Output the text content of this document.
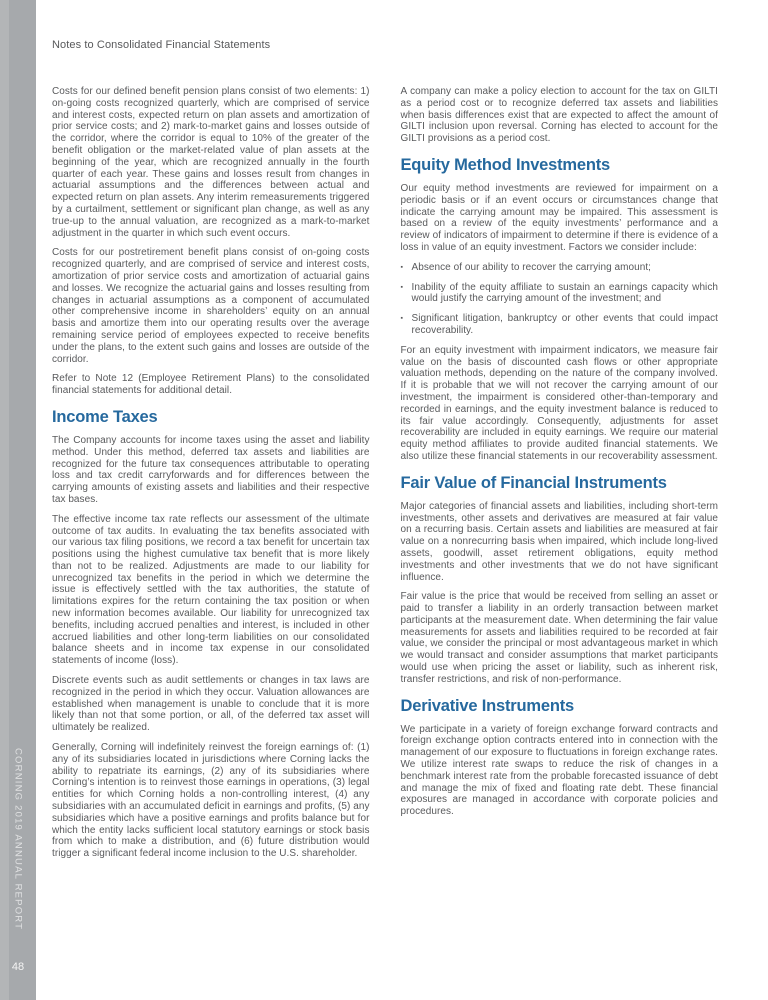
CORNING 2019 ANNUAL REPORT
48
Notes to Consolidated Financial Statements

Costs for our defined benefit pension plans consist of two elements: 1) on-going costs recognized quarterly, which are comprised of service and interest costs, expected return on plan assets and amortization of prior service costs; and 2) mark-to-market gains and losses outside of the corridor, where the corridor is equal to 10% of the greater of the benefit obligation or the market-related value of plan assets at the beginning of the year, which are recognized annually in the fourth quarter of each year. These gains and losses result from changes in actuarial assumptions and the differences between actual and expected return on plan assets. Any interim remeasurements triggered by a curtailment, settlement or significant plan change, as well as any true-up to the annual valuation, are recognized as a mark-to-market adjustment in the quarter in which such event occurs.

Costs for our postretirement benefit plans consist of on-going costs recognized quarterly, and are comprised of service and interest costs, amortization of prior service costs and amortization of actuarial gains and losses. We recognize the actuarial gains and losses resulting from changes in actuarial assumptions as a component of accumulated other comprehensive income in shareholders’ equity on an annual basis and amortize them into our operating results over the average remaining service period of employees expected to receive benefits under the plans, to the extent such gains and losses are outside of the corridor.

Refer to Note 12 (Employee Retirement Plans) to the consolidated financial statements for additional detail.

Income Taxes

The Company accounts for income taxes using the asset and liability method. Under this method, deferred tax assets and liabilities are recognized for the future tax consequences attributable to operating loss and tax credit carryforwards and for differences between the carrying amounts of existing assets and liabilities and their respective tax bases.

The effective income tax rate reflects our assessment of the ultimate outcome of tax audits. In evaluating the tax benefits associated with our various tax filing positions, we record a tax benefit for uncertain tax positions using the highest cumulative tax benefit that is more likely than not to be realized. Adjustments are made to our liability for unrecognized tax benefits in the period in which we determine the issue is effectively settled with the tax authorities, the statute of limitations expires for the return containing the tax position or when new information becomes available. Our liability for unrecognized tax benefits, including accrued penalties and interest, is included in other accrued liabilities and other long-term liabilities on our consolidated balance sheets and in income tax expense in our consolidated statements of income (loss).

Discrete events such as audit settlements or changes in tax laws are recognized in the period in which they occur. Valuation allowances are established when management is unable to conclude that it is more likely than not that some portion, or all, of the deferred tax asset will ultimately be realized.

Generally, Corning will indefinitely reinvest the foreign earnings of: (1) any of its subsidiaries located in jurisdictions where Corning lacks the ability to repatriate its earnings, (2) any of its subsidiaries where Corning’s intention is to reinvest those earnings in operations, (3) legal entities for which Corning holds a non-controlling interest, (4) any subsidiaries with an accumulated deficit in earnings and profits, (5) any subsidiaries which have a positive earnings and profits balance but for which the entity lacks sufficient local statutory earnings or stock basis from which to make a distribution, and (6) future distribution would trigger a significant federal income inclusion to the U.S. shareholder.

A company can make a policy election to account for the tax on GILTI as a period cost or to recognize deferred tax assets and liabilities when basis differences exist that are expected to affect the amount of GILTI inclusion upon reversal. Corning has elected to account for the GILTI provisions as a period cost.

Equity Method Investments

Our equity method investments are reviewed for impairment on a periodic basis or if an event occurs or circumstances change that indicate the carrying amount may be impaired. This assessment is based on a review of the equity investments’ performance and a review of indicators of impairment to determine if there is evidence of a loss in value of an equity investment. Factors we consider include:

▪ Absence of our ability to recover the carrying amount;
▪ Inability of the equity affiliate to sustain an earnings capacity which would justify the carrying amount of the investment; and
▪ Significant litigation, bankruptcy or other events that could impact recoverability.

For an equity investment with impairment indicators, we measure fair value on the basis of discounted cash flows or other appropriate valuation methods, depending on the nature of the company involved. If it is probable that we will not recover the carrying amount of our investment, the impairment is considered other-than-temporary and recorded in earnings, and the equity investment balance is reduced to its fair value accordingly. Consequently, adjustments for asset recoverability are included in equity earnings. We require our material equity method affiliates to provide audited financial statements. We also utilize these financial statements in our recoverability assessment.

Fair Value of Financial Instruments

Major categories of financial assets and liabilities, including short-term investments, other assets and derivatives are measured at fair value on a recurring basis. Certain assets and liabilities are measured at fair value on a nonrecurring basis when impaired, which include long-lived assets, goodwill, asset retirement obligations, equity method investments and other investments that we do not have significant influence.

Fair value is the price that would be received from selling an asset or paid to transfer a liability in an orderly transaction between market participants at the measurement date. When determining the fair value measurements for assets and liabilities required to be recorded at fair value, we consider the principal or most advantageous market in which we would transact and consider assumptions that market participants would use when pricing the asset or liability, such as inherent risk, transfer restrictions, and risk of non-performance.

Derivative Instruments

We participate in a variety of foreign exchange forward contracts and foreign exchange option contracts entered into in connection with the management of our exposure to fluctuations in foreign exchange rates. We utilize interest rate swaps to reduce the risk of changes in a benchmark interest rate from the probable forecasted issuance of debt and manage the mix of fixed and floating rate debt. These financial exposures are managed in accordance with corporate policies and procedures.
